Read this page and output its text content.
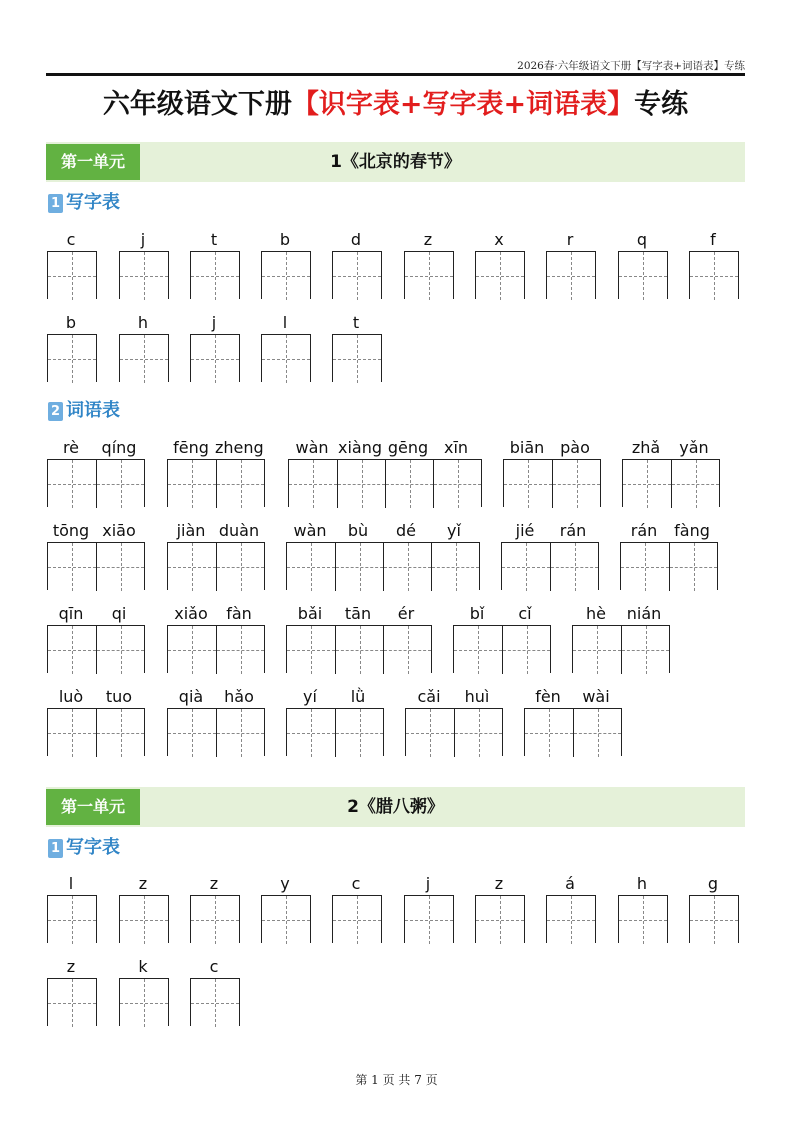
2026春·六年级语文下册【写字表+词语表】专练
六年级语文下册【识字表+写字表+词语表】专练
1《北京的春节》
第一单元
1 写字表
2 词语表
2《腊八粥》
第一单元
1 写字表
c	j	t	b	d	z	x	r	q	f
b	h	j	l	t
l	z	z	y	c	j	z	á	h	g
z	k	c
rè	qíng	fēng zheng	wàn xiàng gēng xīn	biān pào	zhǎ	yǎn
tōng xiāo	jiàn duàn	wàn	bù	dé	yǐ	jié	rán	rán	fàng
qīn	qi	xiǎo	fàn	bǎi	tān	ér	bǐ	cǐ	hè	nián
luò	tuo	qià	hǎo	yí	lǜ	cǎi	huì	fèn	wài
第 1 页 共 7 页
